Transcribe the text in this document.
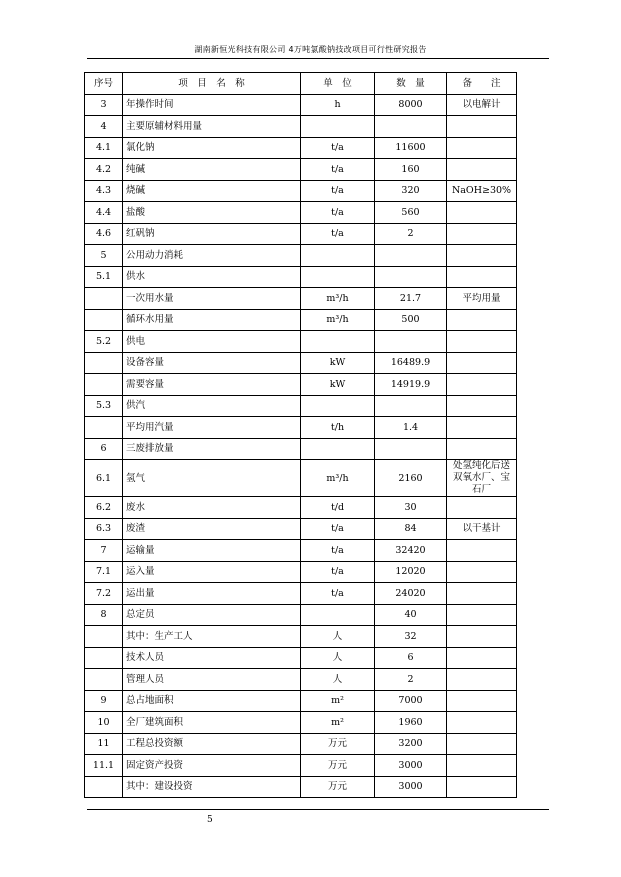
湖南新恒光科技有限公司 4万吨氯酸钠技改项目可行性研究报告
序号	项　目　名　称	单　位	数　量	备　　注
3	年操作时间	h	8000	以电解计
4	主要原辅材料用量			
4.1	氯化钠	t/a	11600	
4.2	纯碱	t/a	160	
4.3	烧碱	t/a	320	NaOH≥30%
4.4	盐酸	t/a	560	
4.6	红矾钠	t/a	2	
5	公用动力消耗			
5.1	供水			
	一次用水量	m³/h	21.7	平均用量
	循环水用量	m³/h	500	
5.2	供电			
	设备容量	kW	16489.9	
	需要容量	kW	14919.9	
5.3	供汽			
	平均用汽量	t/h	1.4	
6	三废排放量			
6.1	氢气	m³/h	2160	处氢纯化后送双氧水厂、宝石厂
6.2	废水	t/d	30	
6.3	废渣	t/a	84	以干基计
7	运输量	t/a	32420	
7.1	运入量	t/a	12020	
7.2	运出量	t/a	24020	
8	总定员		40	
	其中：生产工人	人	32	
	技术人员	人	6	
	管理人员	人	2	
9	总占地面积	m²	7000	
10	全厂建筑面积	m²	1960	
11	工程总投资额	万元	3200	
11.1	固定资产投资	万元	3000	
	其中：建设投资	万元	3000	
5
